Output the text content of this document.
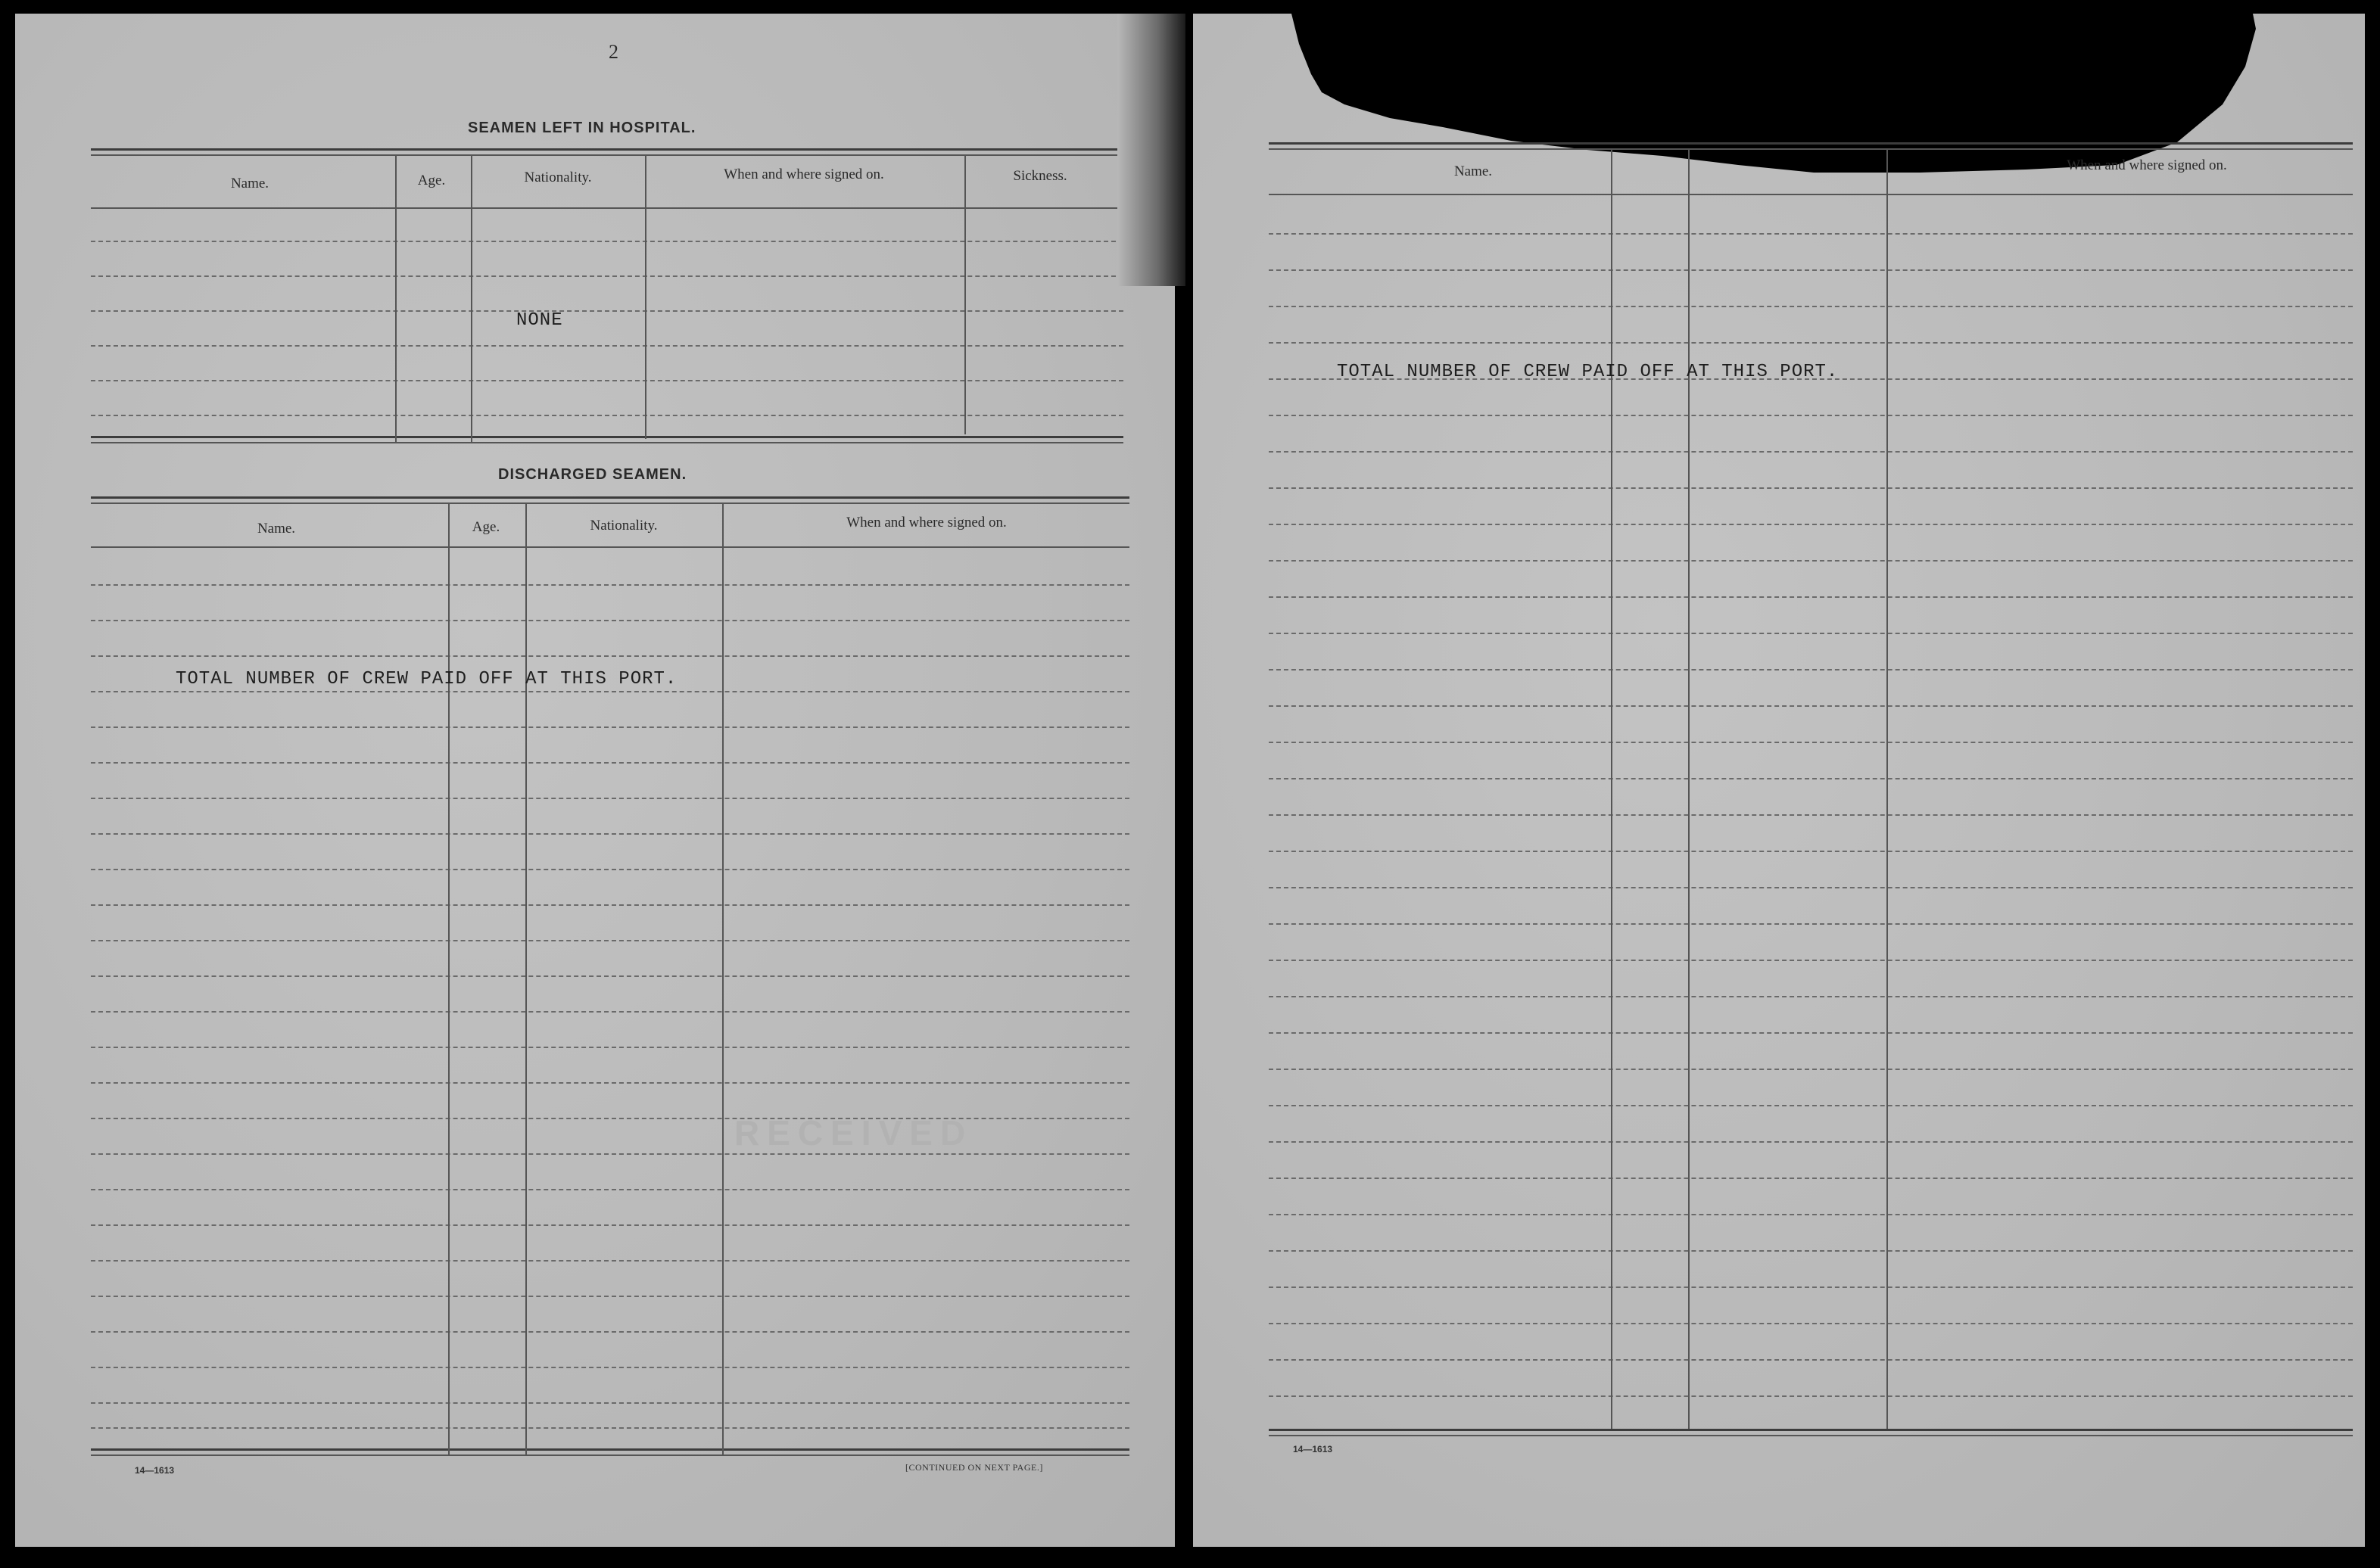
2
SEAMEN LEFT IN HOSPITAL.
Name.	Age.	Nationality.	When and where signed on.	Sickness.
NONE
DISCHARGED SEAMEN.
Name.	Age.	Nationality.	When and where signed on.
TOTAL NUMBER OF CREW PAID OFF AT THIS PORT.
RECEIVED
14—1613	[CONTINUED ON NEXT PAGE.]
Name.	When and where signed on.
TOTAL NUMBER OF CREW PAID OFF AT THIS PORT.
14—1613
